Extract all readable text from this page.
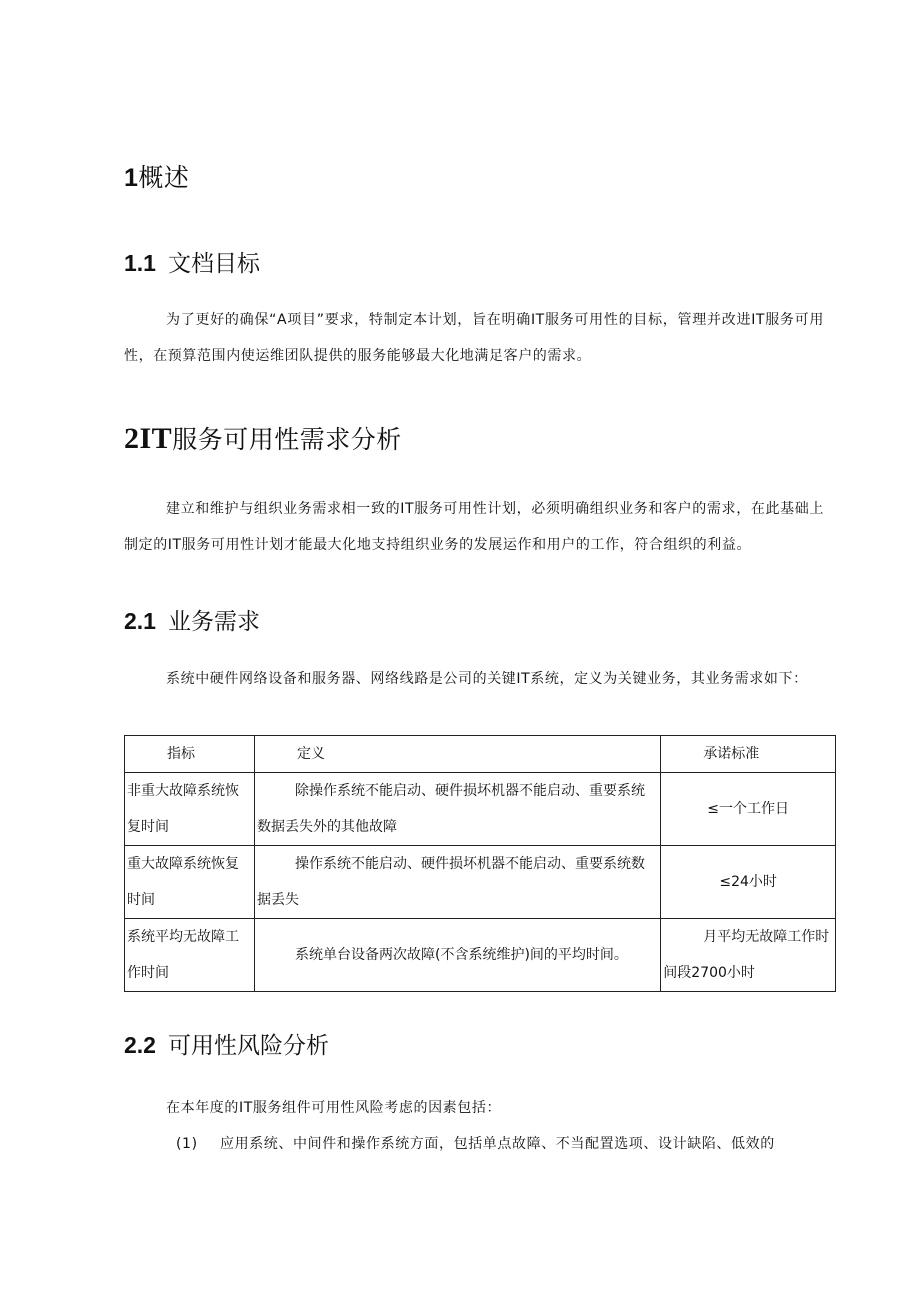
1概述
1.1 文档目标

为了更好的确保“A项目”要求，特制定本计划，旨在明确IT服务可用性的目标，管理并改进IT服务可用性，在预算范围内使运维团队提供的服务能够最大化地满足客户的需求。

2IT服务可用性需求分析

建立和维护与组织业务需求相一致的IT服务可用性计划，必须明确组织业务和客户的需求，在此基础上制定的IT服务可用性计划才能最大化地支持组织业务的发展运作和用户的工作，符合组织的利益。

2.1 业务需求

系统中硬件网络设备和服务器、网络线路是公司的关键IT系统，定义为关键业务，其业务需求如下：

指标	定义	承诺标准
非重大故障系统恢复时间	除操作系统不能启动、硬件损坏机器不能启动、重要系统数据丢失外的其他故障	≤一个工作日
重大故障系统恢复时间	操作系统不能启动、硬件损坏机器不能启动、重要系统数据丢失	≤24小时
系统平均无故障工作时间	系统单台设备两次故障(不含系统维护)间的平均时间。	月平均无故障工作时间段2700小时
2.2 可用性风险分析

在本年度的IT服务组件可用性风险考虑的因素包括：

(1) 应用系统、中间件和操作系统方面，包括单点故障、不当配置选项、设计缺陷、低效的
